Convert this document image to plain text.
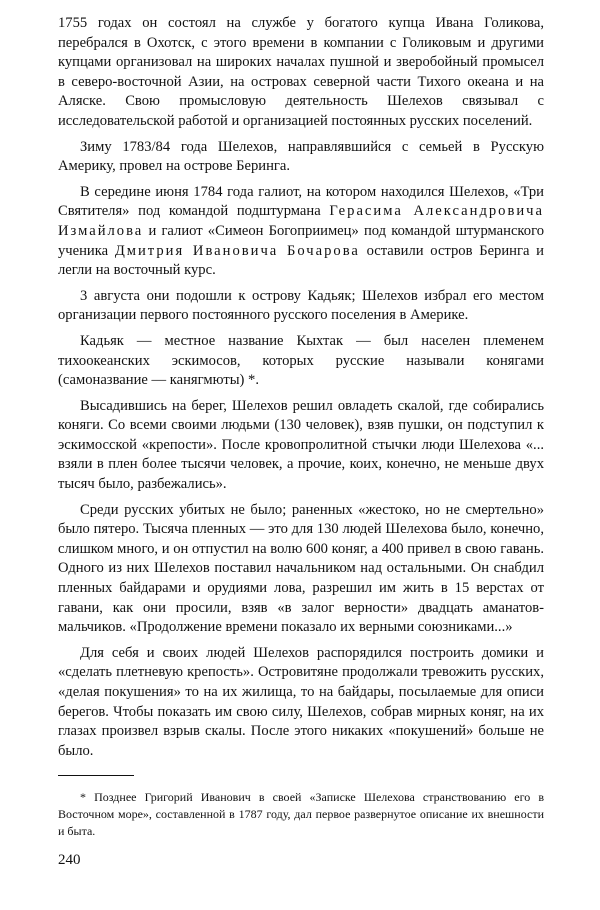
1755 годах он состоял на службе у богатого купца Ивана Голикова, перебрался в Охотск, с этого времени в компании с Голиковым и другими купцами организовал на широких началах пушной и зверобойный промысел в северо-восточной Азии, на островах северной части Тихого океана и на Аляске. Свою промысловую деятельность Шелехов связывал с исследовательской работой и организацией постоянных русских поселений.

Зиму 1783/84 года Шелехов, направлявшийся с семьей в Русскую Америку, провел на острове Беринга.

В середине июня 1784 года галиот, на котором находился Шелехов, «Три Святителя» под командой подштурмана Герасима Александровича Измайлова и галиот «Симеон Богоприимец» под командой штурманского ученика Дмитрия Ивановича Бочарова оставили остров Беринга и легли на восточный курс.

3 августа они подошли к острову Кадьяк; Шелехов избрал его местом организации первого постоянного русского поселения в Америке.

Кадьяк — местное название Кыхтак — был населен племенем тихоокеанских эскимосов, которых русские называли конягами (самоназвание — канягмюты) *.

Высадившись на берег, Шелехов решил овладеть скалой, где собирались коняги. Со всеми своими людьми (130 человек), взяв пушки, он подступил к эскимосской «крепости». После кровопролитной стычки люди Шелехова «... взяли в плен более тысячи человек, а прочие, коих, конечно, не меньше двух тысяч было, разбежались».

Среди русских убитых не было; раненных «жестоко, но не смертельно» было пятеро. Тысяча пленных — это для 130 людей Шелехова было, конечно, слишком много, и он отпустил на волю 600 коняг, а 400 привел в свою гавань. Одного из них Шелехов поставил начальником над остальными. Он снабдил пленных байдарами и орудиями лова, разрешил им жить в 15 верстах от гавани, как они просили, взяв «в залог верности» двадцать аманатов-мальчиков. «Продолжение времени показало их верными союзниками...»

Для себя и своих людей Шелехов распорядился построить домики и «сделать плетневую крепость». Островитяне продолжали тревожить русских, «делая покушения» то на их жилища, то на байдары, посылаемые для описи берегов. Чтобы показать им свою силу, Шелехов, собрав мирных коняг, на их глазах произвел взрыв скалы. После этого никаких «покушений» больше не было.

* Позднее Григорий Иванович в своей «Записке Шелехова странствованию его в Восточном море», составленной в 1787 году, дал первое развернутое описание их внешности и быта.

240
